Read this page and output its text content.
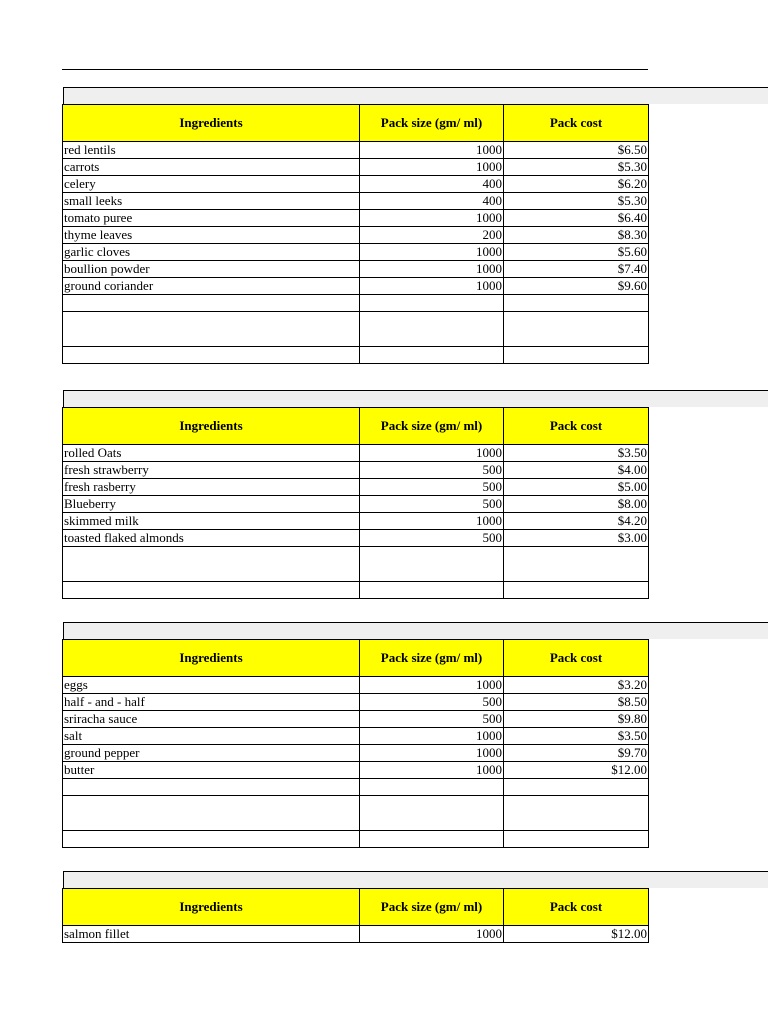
Ingredients	Pack size (gm/ ml)	Pack cost
red lentils	1000	$6.50
carrots	1000	$5.30
celery	400	$6.20
small leeks	400	$5.30
tomato puree	1000	$6.40
thyme leaves	200	$8.30
garlic cloves	1000	$5.60
boullion powder	1000	$7.40
ground coriander	1000	$9.60

Ingredients	Pack size (gm/ ml)	Pack cost
rolled Oats	1000	$3.50
fresh strawberry	500	$4.00
fresh rasberry	500	$5.00
Blueberry	500	$8.00
skimmed milk	1000	$4.20
toasted flaked almonds	500	$3.00

Ingredients	Pack size (gm/ ml)	Pack cost
eggs	1000	$3.20
half - and - half	500	$8.50
sriracha sauce	500	$9.80
salt	1000	$3.50
ground pepper	1000	$9.70
butter	1000	$12.00

Ingredients	Pack size (gm/ ml)	Pack cost
salmon fillet	1000	$12.00
